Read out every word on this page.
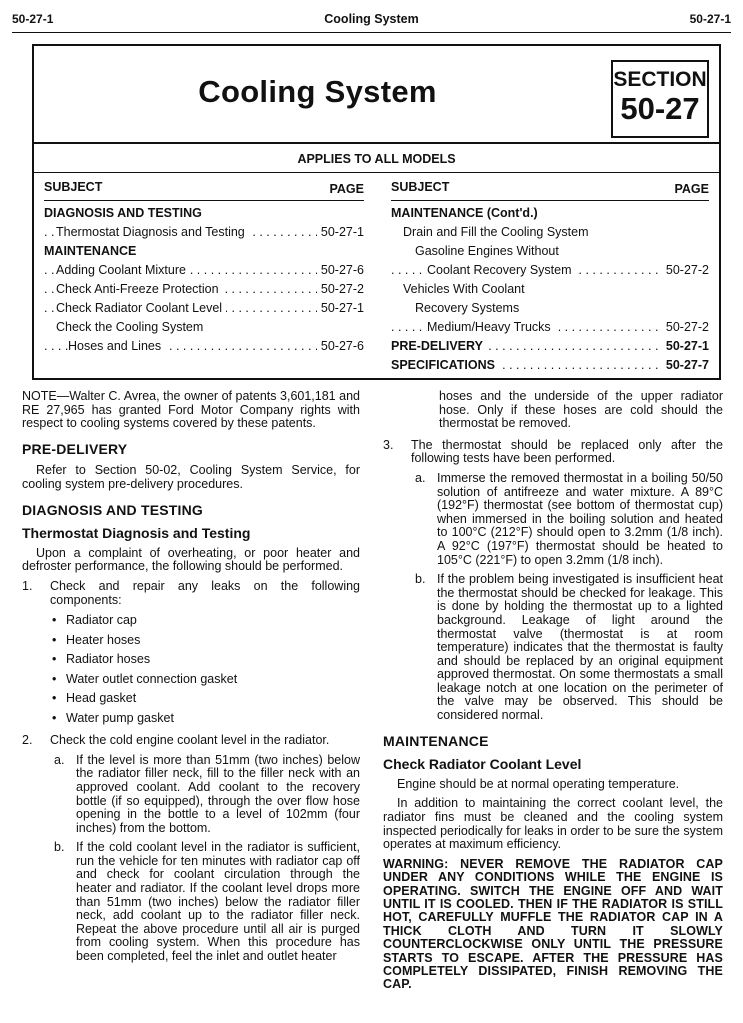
50-27-1	Cooling System	50-27-1
Cooling System	SECTION
50-27
APPLIES TO ALL MODELS
SUBJECT	PAGE
DIAGNOSIS AND TESTING
Thermostat Diagnosis and Testing	50-27-1
. . .
MAINTENANCE
Adding Coolant Mixture	50-27-6
. . .
Check Anti-Freeze Protection	50-27-2
. . .
Check Radiator Coolant Level	50-27-1
. . .
Check the Cooling System
Hoses and Lines	50-27-6
. . .
SUBJECT	PAGE
MAINTENANCE (Cont'd.)
Drain and Fill the Cooling System
Gasoline Engines Without
Coolant Recovery System	50-27-2
. . .
Vehicles With Coolant
Recovery Systems
Medium/Heavy Trucks	50-27-2
. . .
PRE-DELIVERY	50-27-1
. . .
SPECIFICATIONS	50-27-7
. . .

NOTE—Walter C. Avrea, the owner of patents 3,601,181 and RE 27,965 has granted Ford Motor Company rights with respect to cooling systems covered by these patents.

PRE-DELIVERY

Refer to Section 50-02, Cooling System Service, for cooling system pre-delivery procedures.

DIAGNOSIS AND TESTING
Thermostat Diagnosis and Testing

Upon a complaint of overheating, or poor heater and defroster performance, the following should be performed.

1. Check and repair any leaks on the following components:
• Radiator cap
• Heater hoses
• Radiator hoses
• Water outlet connection gasket
• Head gasket
• Water pump gasket
2. Check the cold engine coolant level in the radiator.
a. If the level is more than 51mm (two inches) below the radiator filler neck, fill to the filler neck with an approved coolant. Add coolant to the recovery bottle (if so equipped), through the over flow hose opening in the bottle to a level of 102mm (four inches) from the bottom.
b. If the cold coolant level in the radiator is sufficient, run the vehicle for ten minutes with radiator cap off and check for coolant circulation through the heater and radiator. If the coolant level drops more than 51mm (two inches) below the radiator filler neck, add coolant up to the radiator filler neck. Repeat the above procedure until all air is purged from cooling system. When this procedure has been completed, feel the inlet and outlet heater

hoses and the underside of the upper radiator hose. Only if these hoses are cold should the thermostat be removed.

3. The thermostat should be replaced only after the following tests have been performed.
a. Immerse the removed thermostat in a boiling 50/50 solution of antifreeze and water mixture. A 89°C (192°F) thermostat (see bottom of thermostat cup) when immersed in the boiling solution and heated to 100°C (212°F) should open to 3.2mm (1/8 inch). A 92°C (197°F) thermostat should be heated to 105°C (221°F) to open 3.2mm (1/8 inch).
b. If the problem being investigated is insufficient heat the thermostat should be checked for leakage. This is done by holding the thermostat up to a lighted background. Leakage of light around the thermostat valve (thermostat is at room temperature) indicates that the thermostat is faulty and should be replaced by an original equipment approved thermostat. On some thermostats a small leakage notch at one location on the perimeter of the valve may be observed. This should be considered normal.
MAINTENANCE
Check Radiator Coolant Level

Engine should be at normal operating temperature.

In addition to maintaining the correct coolant level, the radiator fins must be cleaned and the cooling system inspected periodically for leaks in order to be sure the system operates at maximum efficiency.

WARNING: NEVER REMOVE THE RADIATOR CAP UNDER ANY CONDITIONS WHILE THE ENGINE IS OPERATING. SWITCH THE ENGINE OFF AND WAIT UNTIL IT IS COOLED. THEN IF THE RADIATOR IS STILL HOT, CAREFULLY MUFFLE THE RADIATOR CAP IN A THICK CLOTH AND TURN IT SLOWLY COUNTERCLOCKWISE ONLY UNTIL THE PRESSURE STARTS TO ESCAPE. AFTER THE PRESSURE HAS COMPLETELY DISSIPATED, FINISH REMOVING THE CAP.
